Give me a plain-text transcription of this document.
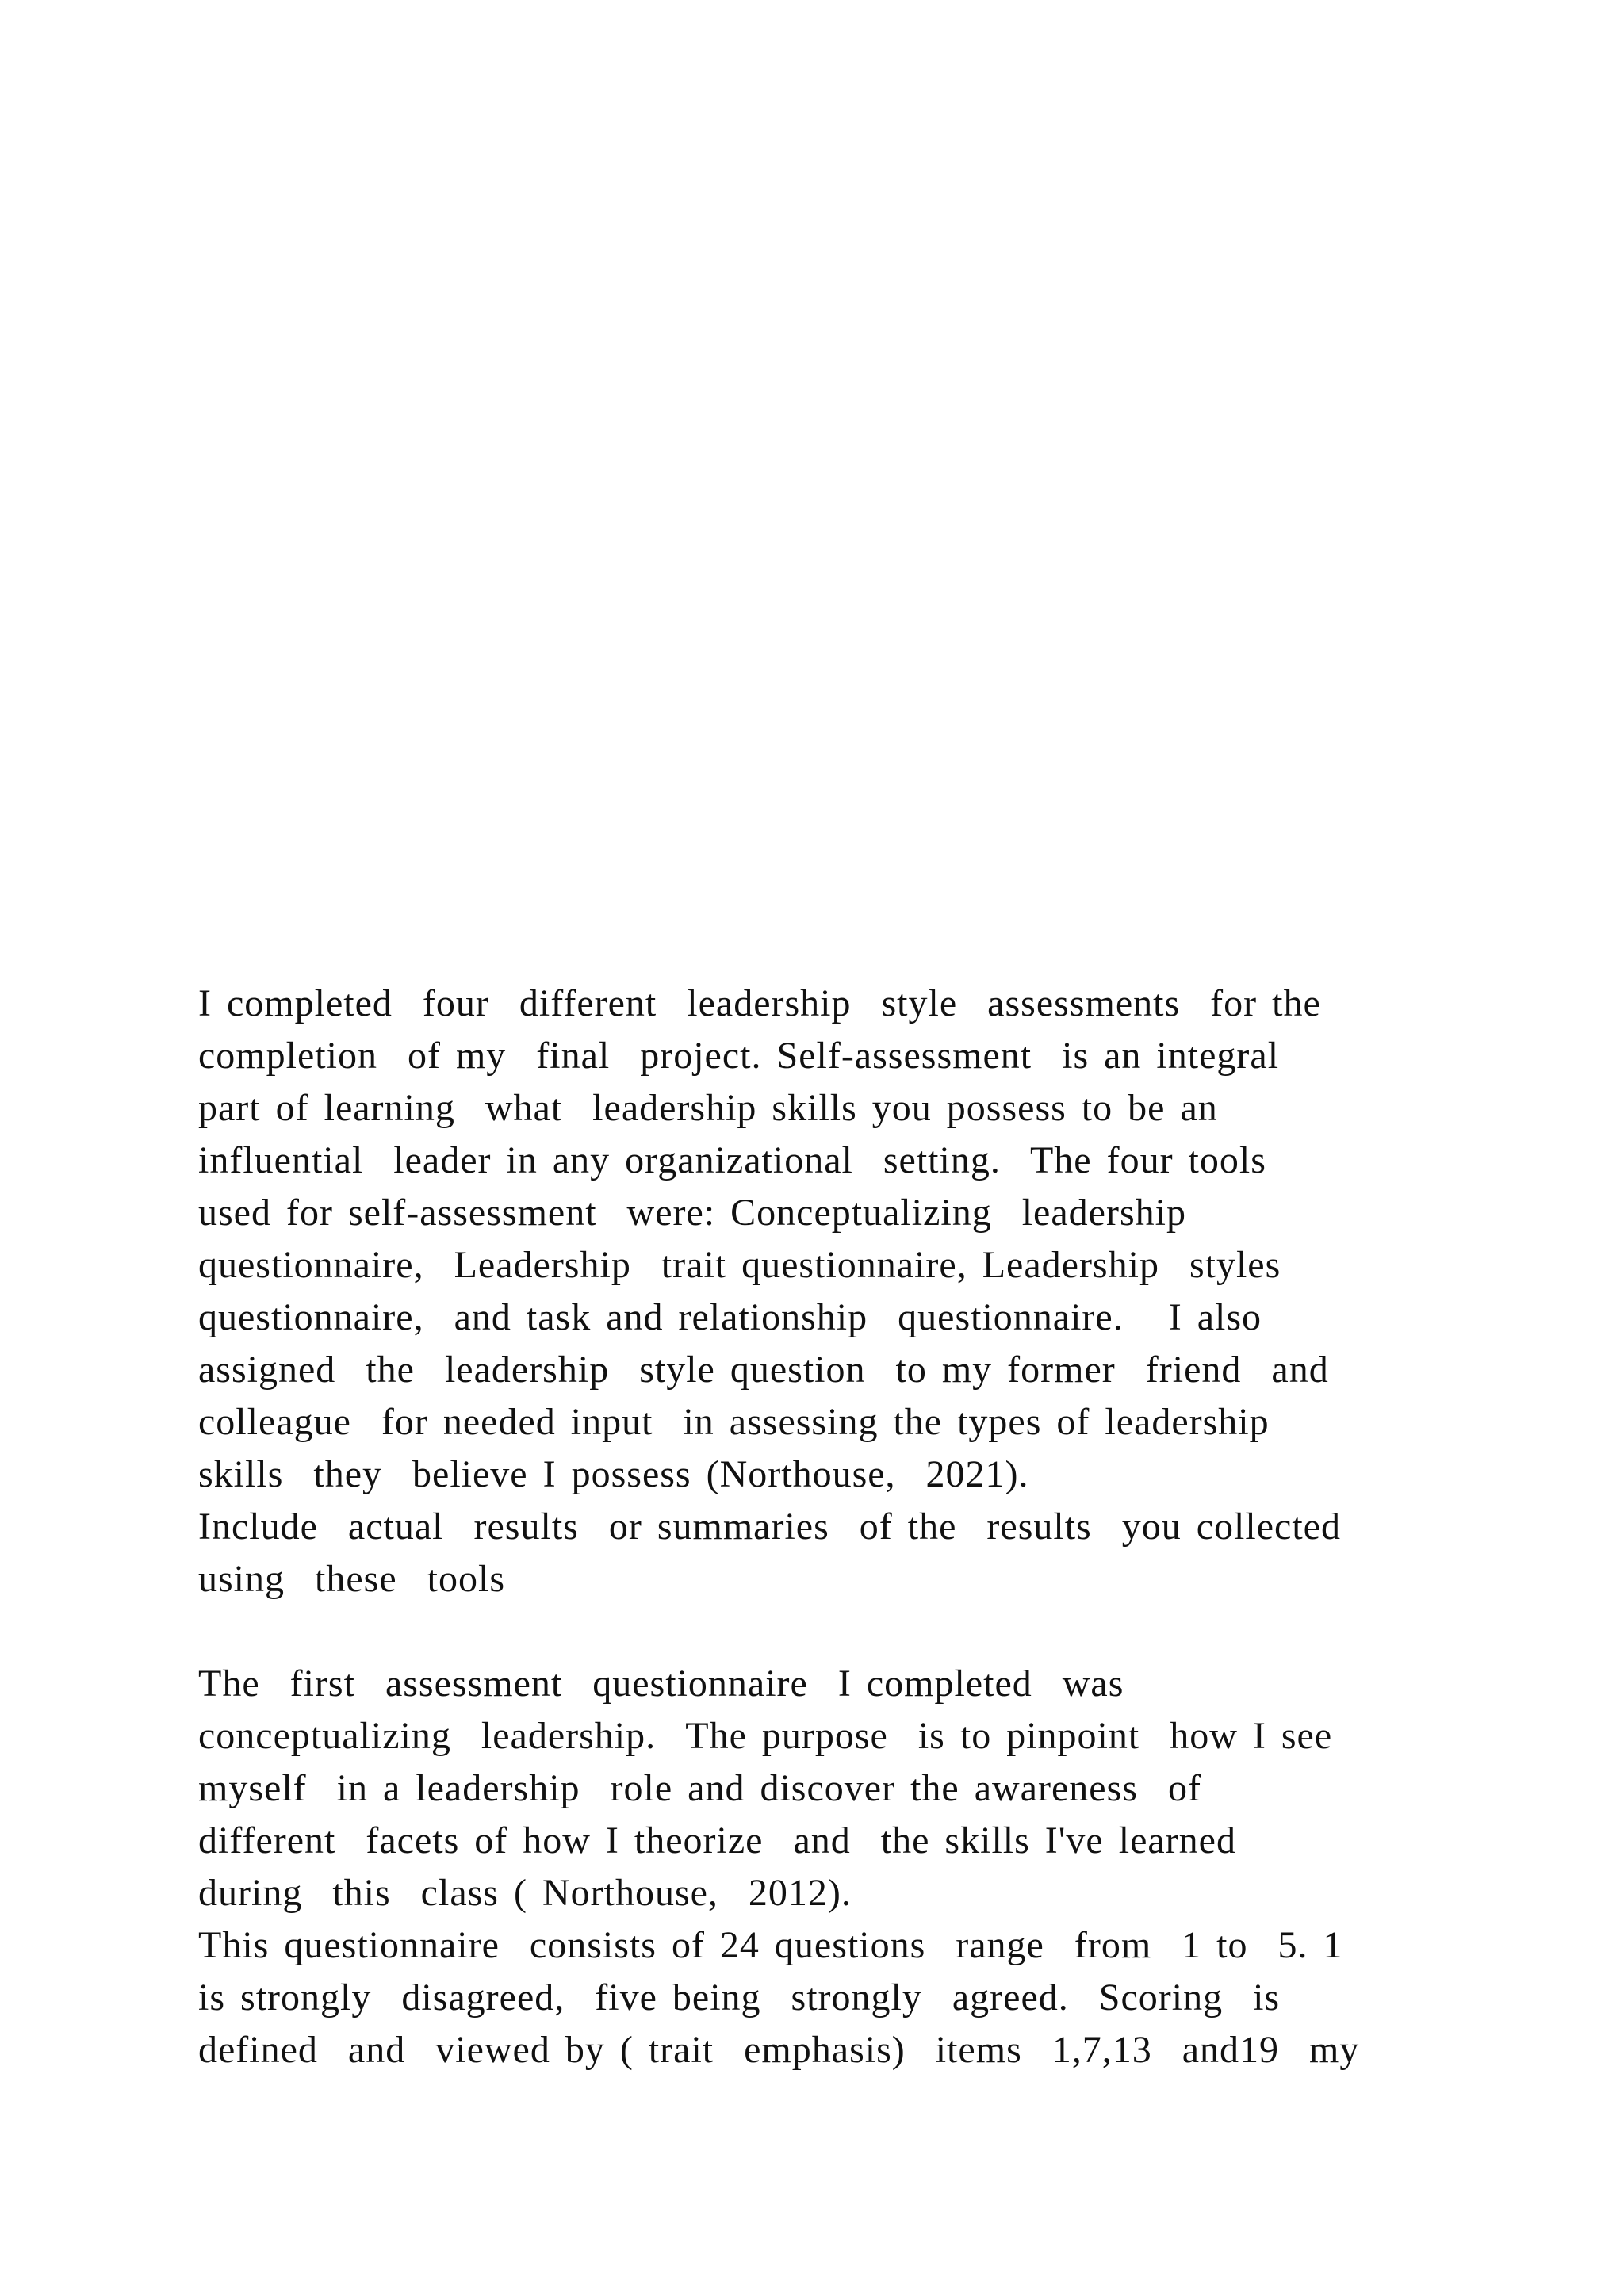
I completed  four  different  leadership  style  assessments  for the
completion  of my  final  project. Self-assessment  is an integral
part of learning  what  leadership skills you possess to be an
influential  leader in any organizational  setting.  The four tools
used for self-assessment  were: Conceptualizing  leadership
questionnaire,  Leadership  trait questionnaire, Leadership  styles
questionnaire,  and task and relationship  questionnaire.   I also
assigned  the  leadership  style question  to my former  friend  and
colleague  for needed input  in assessing the types of leadership
skills  they  believe I possess (Northouse,  2021).
Include  actual  results  or summaries  of the  results  you collected
using  these  tools
The  first  assessment  questionnaire  I completed  was
conceptualizing  leadership.  The purpose  is to pinpoint  how I see
myself  in a leadership  role and discover the awareness  of
different  facets of how I theorize  and  the skills I've learned
during  this  class ( Northouse,  2012).
This questionnaire  consists of 24 questions  range  from  1 to  5. 1
is strongly  disagreed,  five being  strongly  agreed.  Scoring  is
defined  and  viewed by ( trait  emphasis)  items  1,7,13  and19  my
